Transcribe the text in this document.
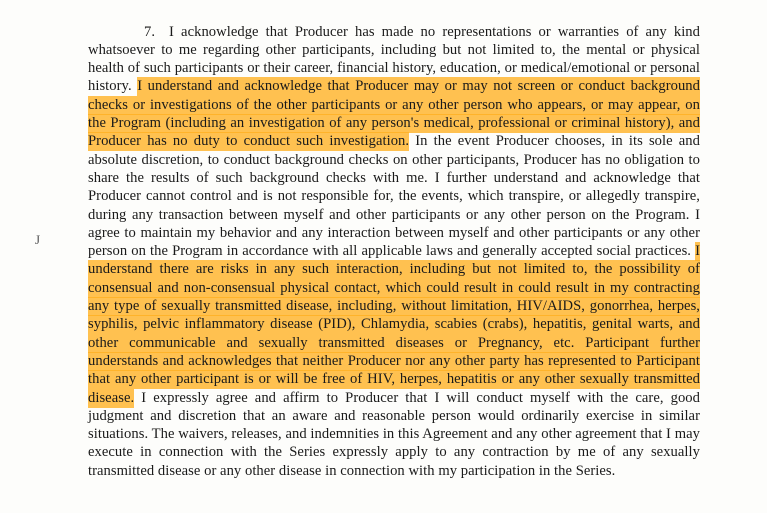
J

7. I acknowledge that Producer has made no representations or warranties of any kind whatsoever to me regarding other participants, including but not limited to, the mental or physical health of such participants or their career, financial history, education, or medical/emotional or personal history. I understand and acknowledge that Producer may or may not screen or conduct background checks or investigations of the other participants or any other person who appears, or may appear, on the Program (including an investigation of any person's medical, professional or criminal history), and Producer has no duty to conduct such investigation. In the event Producer chooses, in its sole and absolute discretion, to conduct background checks on other participants, Producer has no obligation to share the results of such background checks with me. I further understand and acknowledge that Producer cannot control and is not responsible for, the events, which transpire, or allegedly transpire, during any transaction between myself and other participants or any other person on the Program. I agree to maintain my behavior and any interaction between myself and other participants or any other person on the Program in accordance with all applicable laws and generally accepted social practices. I understand there are risks in any such interaction, including but not limited to, the possibility of consensual and non-consensual physical contact, which could result in could result in my contracting any type of sexually transmitted disease, including, without limitation, HIV/AIDS, gonorrhea, herpes, syphilis, pelvic inflammatory disease (PID), Chlamydia, scabies (crabs), hepatitis, genital warts, and other communicable and sexually transmitted diseases or Pregnancy, etc. Participant further understands and acknowledges that neither Producer nor any other party has represented to Participant that any other participant is or will be free of HIV, herpes, hepatitis or any other sexually transmitted disease. I expressly agree and affirm to Producer that I will conduct myself with the care, good judgment and discretion that an aware and reasonable person would ordinarily exercise in similar situations. The waivers, releases, and indemnities in this Agreement and any other agreement that I may execute in connection with the Series expressly apply to any contraction by me of any sexually transmitted disease or any other disease in connection with my participation in the Series.
